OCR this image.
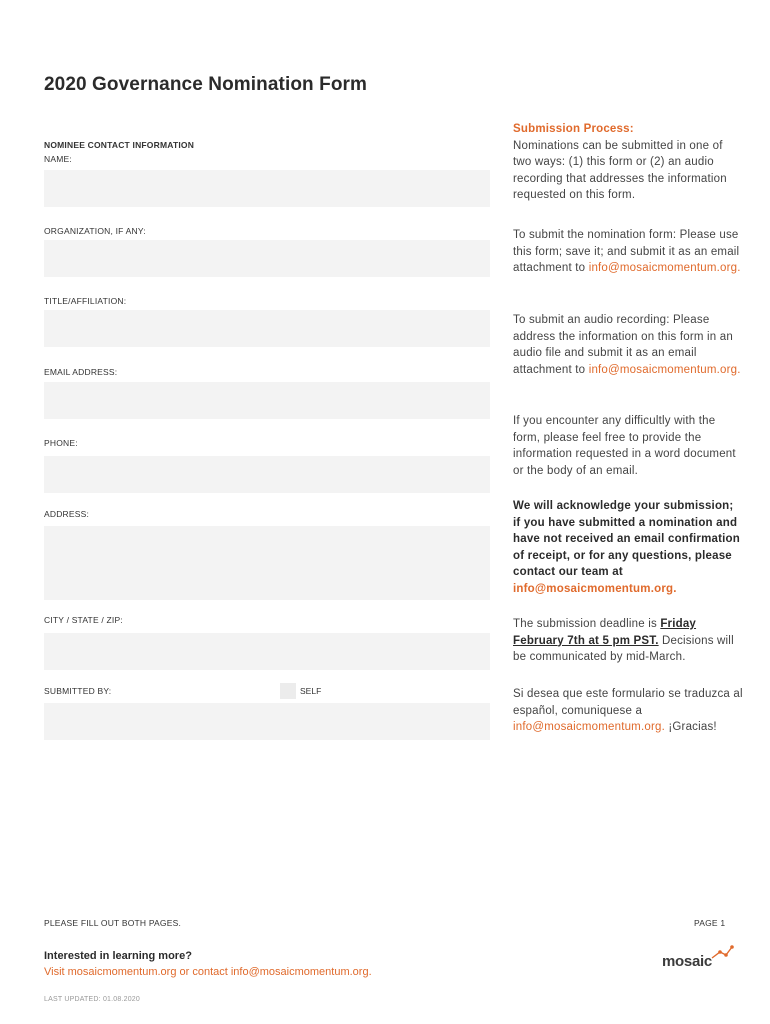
2020 Governance Nomination Form
NOMINEE CONTACT INFORMATION
NAME:
ORGANIZATION, IF ANY:
TITLE/AFFILIATION:
EMAIL ADDRESS:
PHONE:
ADDRESS:
CITY / STATE / ZIP:
SUBMITTED BY:	SELF
Submission Process:
Nominations can be submitted in one of two ways: (1) this form or (2) an audio recording that addresses the information requested on this form.
To submit the nomination form: Please use this form; save it; and submit it as an email attachment to info@mosaicmomentum.org.
To submit an audio recording: Please address the information on this form in an audio file and submit it as an email attachment to info@mosaicmomentum.org.
If you encounter any difficultly with the form, please feel free to provide the information requested in a word document or the body of an email.
We will acknowledge your submission; if you have submitted a nomination and have not received an email confirmation of receipt, or for any questions, please contact our team at info@mosaicmomentum.org.
The submission deadline is Friday February 7th at 5 pm PST. Decisions will be communicated by mid-March.
Si desea que este formulario se traduzca al español, comuniquese a info@mosaicmomentum.org. ¡Gracias!
PLEASE FILL OUT BOTH PAGES.	PAGE 1
Interested in learning more?
Visit mosaicmomentum.org or contact info@mosaicmomentum.org.
LAST UPDATED: 01.08.2020
mosaic
